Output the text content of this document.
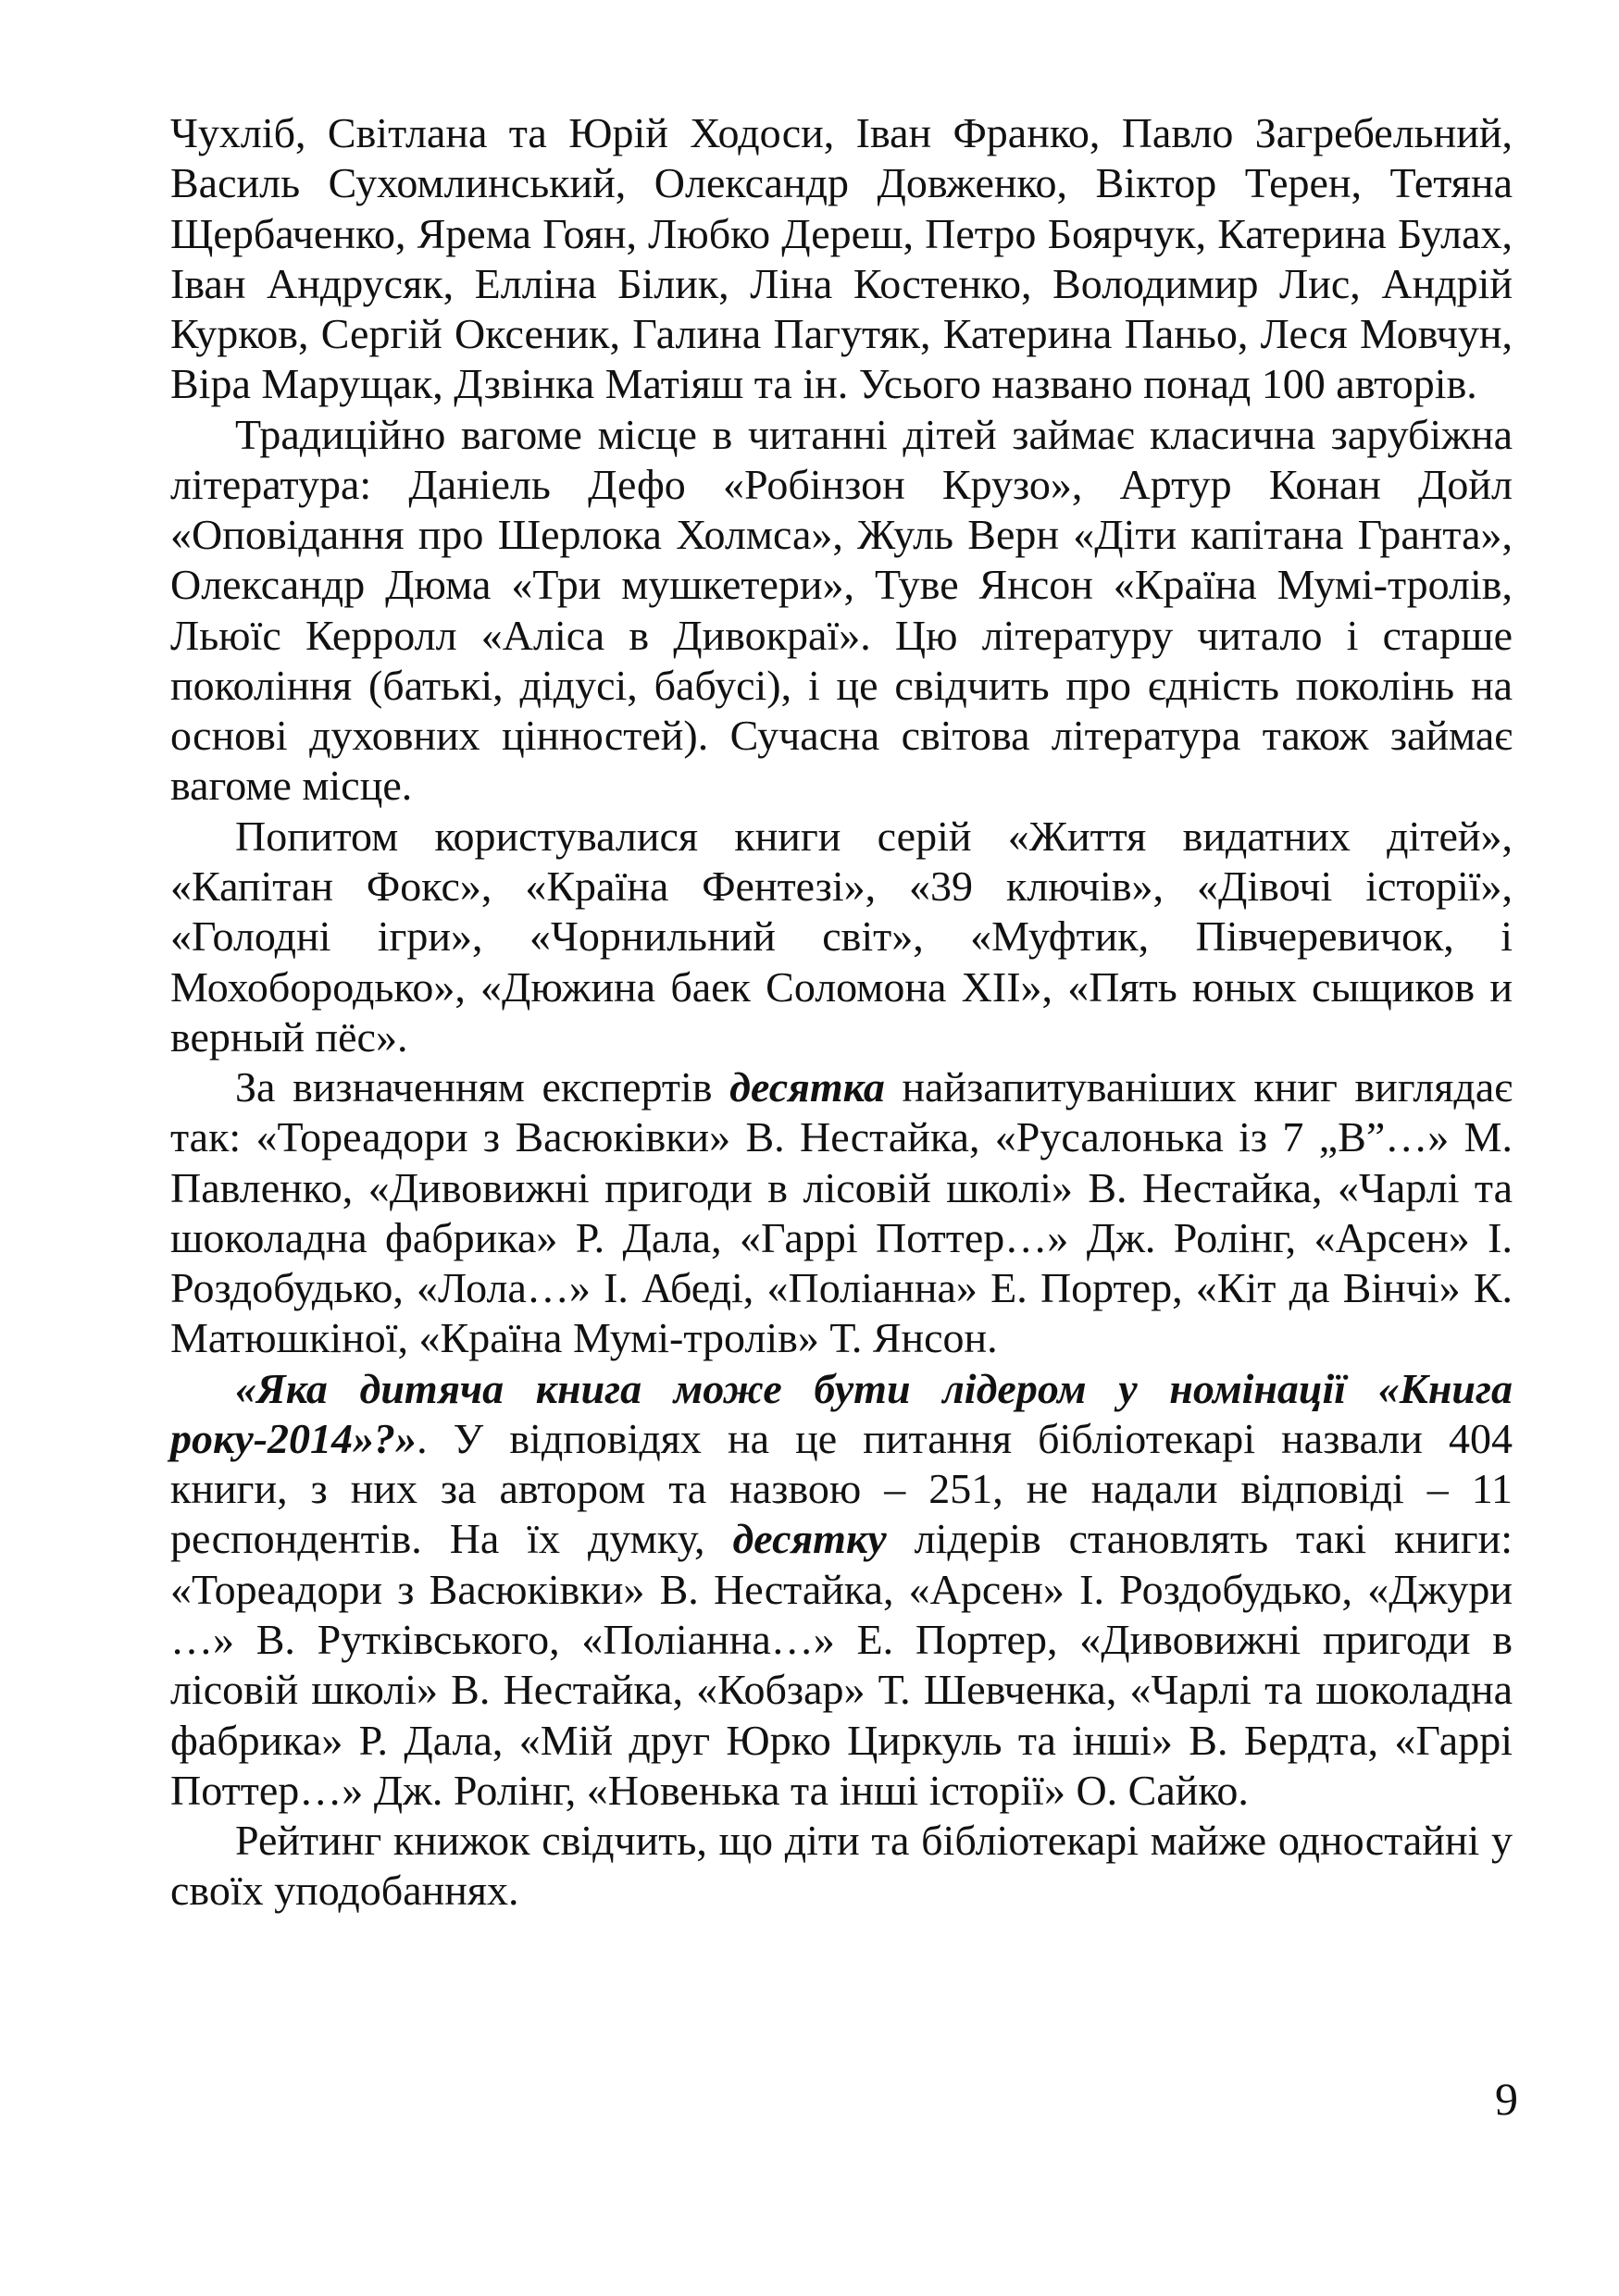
Чухліб, Світлана та Юрій Ходоси, Іван Франко, Павло Загребельний, Василь Сухомлинський, Олександр Довженко, Віктор Терен, Тетяна Щербаченко, Ярема Гоян, Любко Дереш, Петро Боярчук, Катерина Булах, Іван Андрусяк, Елліна Білик, Ліна Костенко, Володимир Лис, Андрій Курков, Сергій Оксеник, Галина Пагутяк, Катерина Паньо, Леся Мовчун, Віра Марущак, Дзвінка Матіяш та ін. Усього названо понад 100 авторів.

Традиційно вагоме місце в читанні дітей займає класична зарубіжна література: Даніель Дефо «Робінзон Крузо», Артур Конан Дойл «Оповідання про Шерлока Холмса», Жуль Верн «Діти капітана Гранта», Олександр Дюма «Три мушкетери», Туве Янсон «Країна Мумі-тролів, Льюїс Керролл «Аліса в Дивокраї». Цю літературу читало і старше покоління (батькі, дідусі, бабусі), і це свідчить про єдність поколінь на основі духовних цінностей). Сучасна світова література також займає вагоме місце.

Попитом користувалися книги серій «Життя видатних дітей», «Капітан Фокс», «Країна Фентезі», «39 ключів», «Дівочі історії», «Голодні ігри», «Чорнильний світ», «Муфтик, Півчеревичок, і Мохобородько», «Дюжина баек Соломона XII», «Пять юных сыщиков и верный пёс».

За визначенням експертів десятка найзапитуваніших книг виглядає так: «Тореадори з Васюківки» В. Нестайка, «Русалонька із 7 „В”…» М. Павленко, «Дивовижні пригоди в лісовій школі» В. Нестайка, «Чарлі та шоколадна фабрика» Р. Дала, «Гаррі Поттер…» Дж. Ролінг, «Арсен» І. Роздобудько, «Лола…» І. Абеді, «Поліанна» Е. Портер, «Кіт да Вінчі» К. Матюшкіної, «Країна Мумі-тролів» Т. Янсон.

«Яка дитяча книга може бути лідером у номінації «Книга року-2014»?». У відповідях на це питання бібліотекарі назвали 404 книги, з них за автором та назвою – 251, не надали відповіді – 11 респондентів. На їх думку, десятку лідерів становлять такі книги: «Тореадори з Васюківки» В. Нестайка, «Арсен» І. Роздобудько, «Джури …» В. Рутківського, «Поліанна…» Е. Портер, «Дивовижні пригоди в лісовій школі» В. Нестайка, «Кобзар» Т. Шевченка, «Чарлі та шоколадна фабрика» Р. Дала, «Мій друг Юрко Циркуль та інші» В. Бердта, «Гаррі Поттер…» Дж. Ролінг, «Новенька та інші історії» О. Сайко.

Рейтинг книжок свідчить, що діти та бібліотекарі майже одностайні у своїх уподобаннях.

9
